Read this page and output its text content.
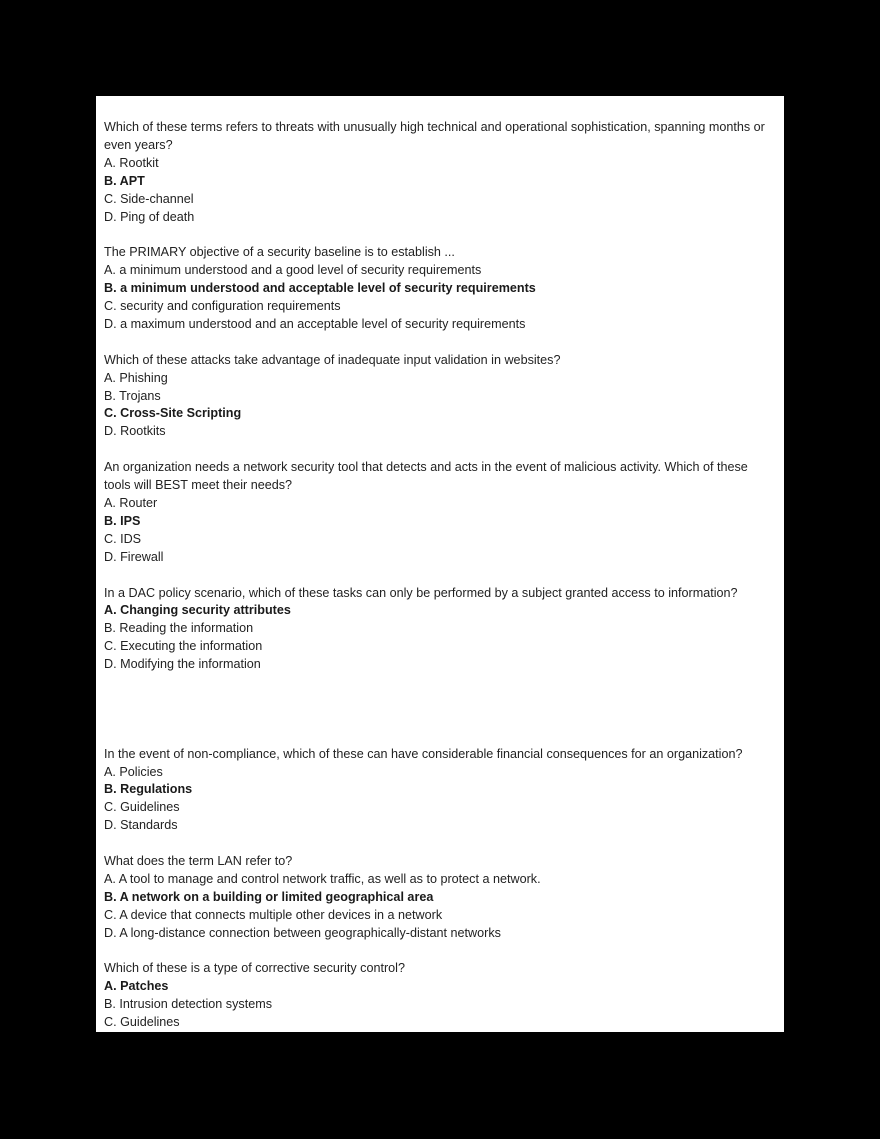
Which of these terms refers to threats with unusually high technical and operational sophistication, spanning months or even years?
A. Rootkit
B. APT
C. Side-channel
D. Ping of death
The PRIMARY objective of a security baseline is to establish ...
A. a minimum understood and a good level of security requirements
B. a minimum understood and acceptable level of security requirements
C. security and configuration requirements
D. a maximum understood and an acceptable level of security requirements
Which of these attacks take advantage of inadequate input validation in websites?
A. Phishing
B. Trojans
C. Cross-Site Scripting
D. Rootkits
An organization needs a network security tool that detects and acts in the event of malicious activity. Which of these tools will BEST meet their needs?
A. Router
B. IPS
C. IDS
D. Firewall
In a DAC policy scenario, which of these tasks can only be performed by a subject granted access to information?
A. Changing security attributes
B. Reading the information
C. Executing the information
D. Modifying the information
In the event of non-compliance, which of these can have considerable financial consequences for an organization?
A. Policies
B. Regulations
C. Guidelines
D. Standards
What does the term LAN refer to?
A. A tool to manage and control network traffic, as well as to protect a network.
B. A network on a building or limited geographical area
C. A device that connects multiple other devices in a network
D. A long-distance connection between geographically-distant networks
Which of these is a type of corrective security control?
A. Patches
B. Intrusion detection systems
C. Guidelines
